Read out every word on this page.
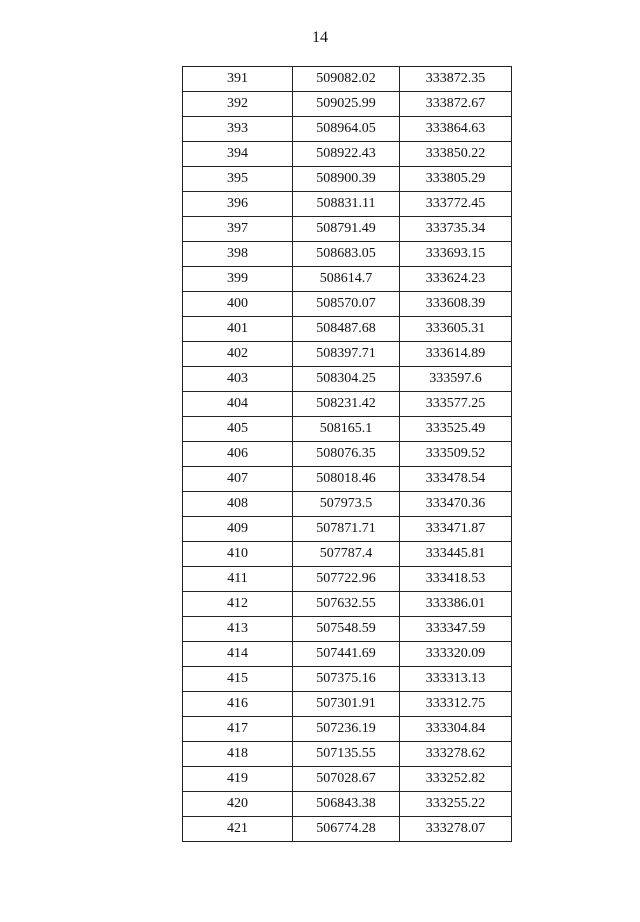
14
391	509082.02	333872.35
392	509025.99	333872.67
393	508964.05	333864.63
394	508922.43	333850.22
395	508900.39	333805.29
396	508831.11	333772.45
397	508791.49	333735.34
398	508683.05	333693.15
399	508614.7	333624.23
400	508570.07	333608.39
401	508487.68	333605.31
402	508397.71	333614.89
403	508304.25	333597.6
404	508231.42	333577.25
405	508165.1	333525.49
406	508076.35	333509.52
407	508018.46	333478.54
408	507973.5	333470.36
409	507871.71	333471.87
410	507787.4	333445.81
411	507722.96	333418.53
412	507632.55	333386.01
413	507548.59	333347.59
414	507441.69	333320.09
415	507375.16	333313.13
416	507301.91	333312.75
417	507236.19	333304.84
418	507135.55	333278.62
419	507028.67	333252.82
420	506843.38	333255.22
421	506774.28	333278.07
